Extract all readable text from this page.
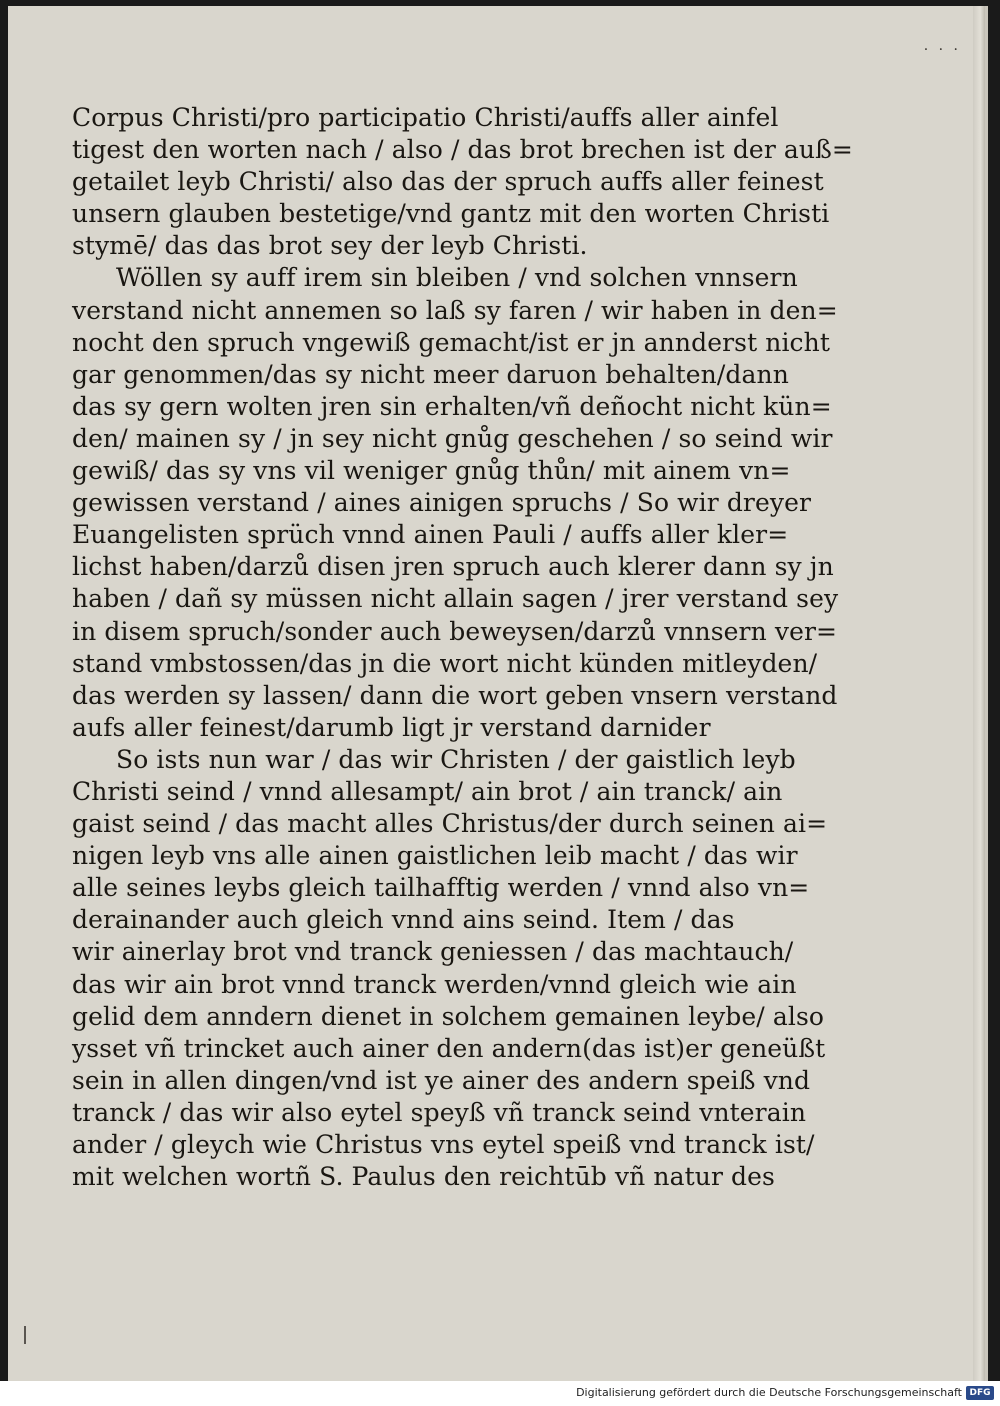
· · ·
Corpus Christi/pro participatio Christi/auffs aller ainfel
tigest den worten nach / also / das brot brechen ist der auß=
getailet leyb Christi/ also das der spruch auffs aller feinest
unsern glauben bestetige/vnd gantz mit den worten Christi
stymē/ das das brot sey der leyb Christi.
Wöllen sy auff irem sin bleiben / vnd solchen vnnsern
verstand nicht annemen so laß sy faren / wir haben in den=
nocht den spruch vngewiß gemacht/ist er jn annderst nicht
gar genommen/das sy nicht meer daruon behalten/dann
das sy gern wolten jren sin erhalten/vñ deñocht nicht kün=
den/ mainen sy / jn sey nicht gnůg geschehen / so seind wir
gewiß/ das sy vns vil weniger gnůg thůn/ mit ainem vn=
gewissen verstand / aines ainigen spruchs / So wir dreyer
Euangelisten sprüch vnnd ainen Pauli / auffs aller kler=
lichst haben/darzů disen jren spruch auch klerer dann sy jn
haben / dañ sy müssen nicht allain sagen / jrer verstand sey
in disem spruch/sonder auch beweysen/darzů vnnsern ver=
stand vmbstossen/das jn die wort nicht künden mitleyden/
das werden sy lassen/ dann die wort geben vnsern verstand
aufs aller feinest/darumb ligt jr verstand darnider
So ists nun war / das wir Christen / der gaistlich leyb
Christi seind / vnnd allesampt/ ain brot / ain tranck/ ain
gaist seind / das macht alles Christus/der durch seinen ai=
nigen leyb vns alle ainen gaistlichen leib macht / das wir
alle seines leybs gleich tailhafftig werden / vnnd also vn=
derainander auch gleich vnnd ains seind. Item / das
wir ainerlay brot vnd tranck geniessen / das machtauch/
das wir ain brot vnnd tranck werden/vnnd gleich wie ain
gelid dem anndern dienet in solchem gemainen leybe/ also
ysset vñ trincket auch ainer den andern(das ist)er geneüßt
sein in allen dingen/vnd ist ye ainer des andern speiß vnd
tranck / das wir also eytel speyß vñ tranck seind vnterain
ander / gleych wie Christus vns eytel speiß vnd tranck ist/
mit welchen wortñ S. Paulus den reichtūb vñ natur des
Digitalisierung gefördert durch die Deutsche Forschungsgemeinschaft DFG
